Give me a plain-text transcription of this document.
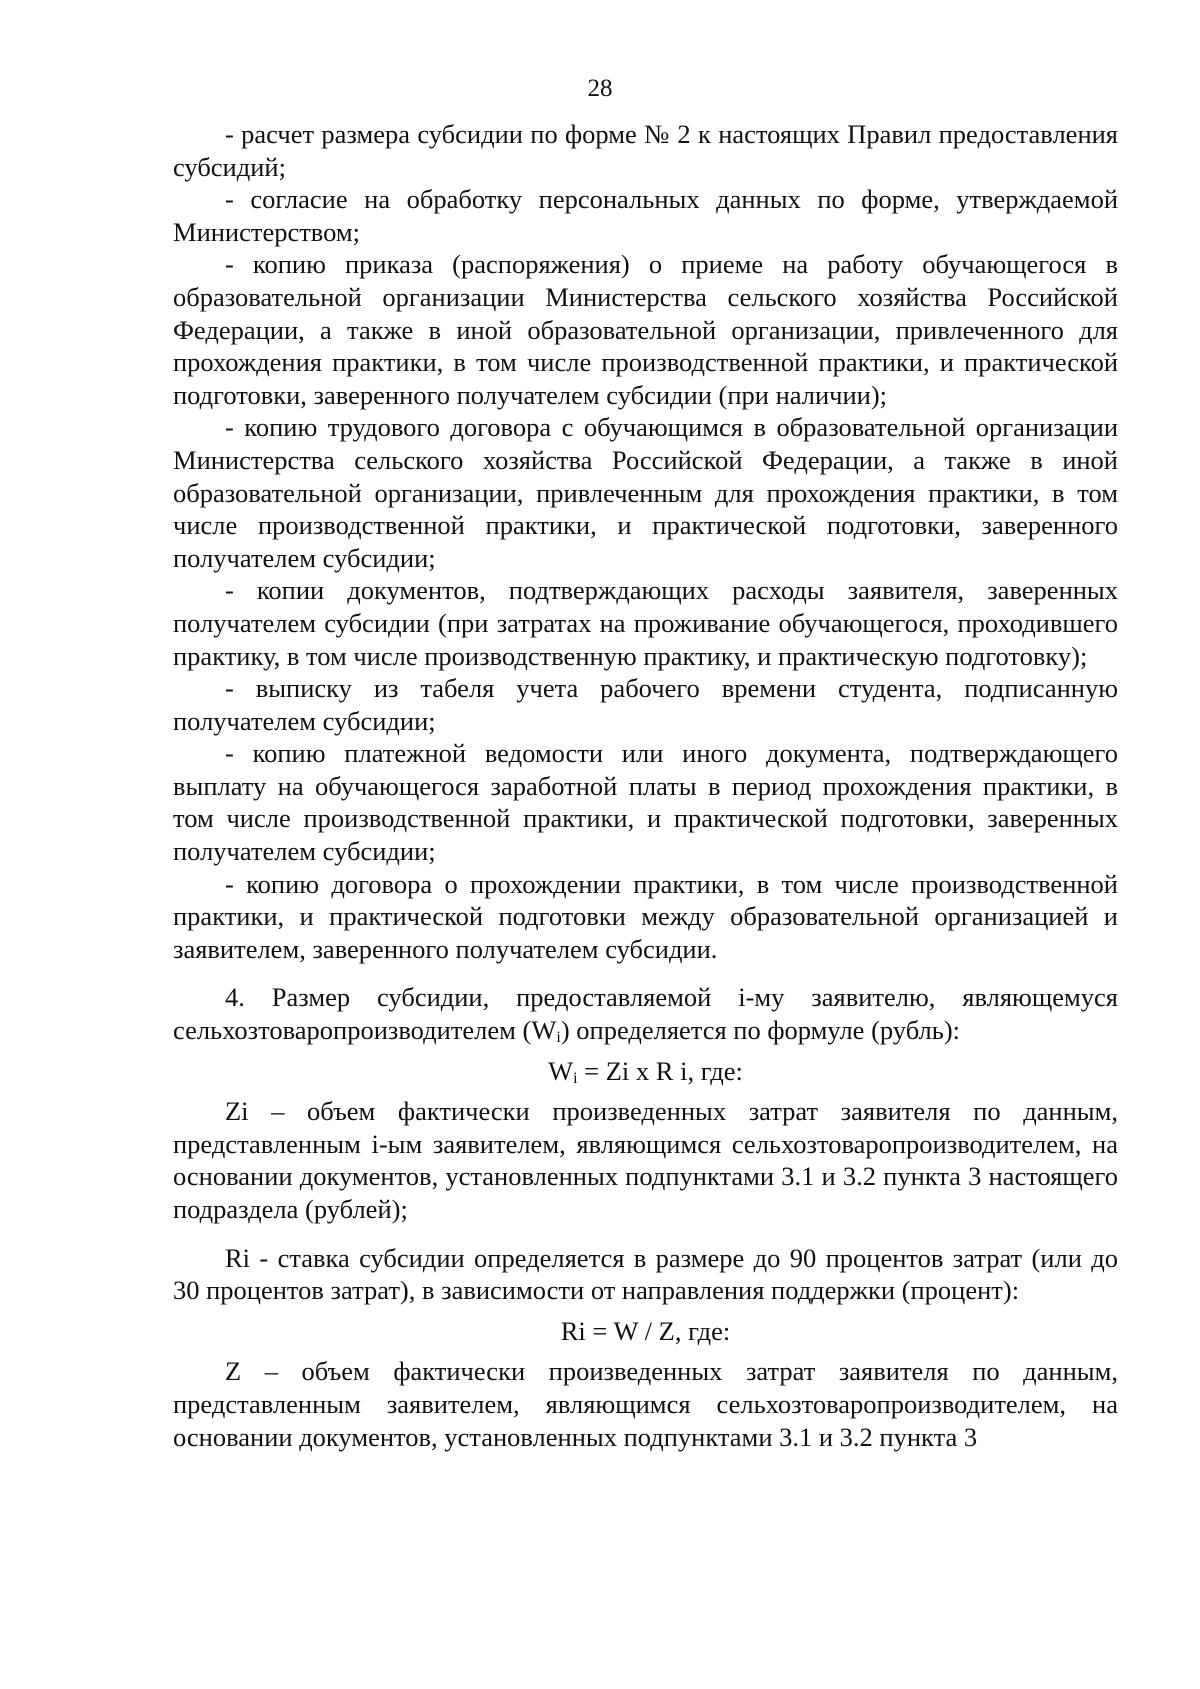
28

- расчет размера субсидии по форме № 2 к настоящих Правил предоставления субсидий;

- согласие на обработку персональных данных по форме, утверждаемой Министерством;

- копию приказа (распоряжения) о приеме на работу обучающегося в образовательной организации Министерства сельского хозяйства Российской Федерации, а также в иной образовательной организации, привлеченного для прохождения практики, в том числе производственной практики, и практической подготовки, заверенного получателем субсидии (при наличии);

- копию трудового договора с обучающимся в образовательной организации Министерства сельского хозяйства Российской Федерации, а также в иной образовательной организации, привлеченным для прохождения практики, в том числе производственной практики, и практической подготовки, заверенного получателем субсидии;

- копии документов, подтверждающих расходы заявителя, заверенных получателем субсидии (при затратах на проживание обучающегося, проходившего практику, в том числе производственную практику, и практическую подготовку);

- выписку из табеля учета рабочего времени студента, подписанную получателем субсидии;

- копию платежной ведомости или иного документа, подтверждающего выплату на обучающегося заработной платы в период прохождения практики, в том числе производственной практики, и практической подготовки, заверенных получателем субсидии;

- копию договора о прохождении практики, в том числе производственной практики, и практической подготовки между образовательной организацией и заявителем, заверенного получателем субсидии.

4. Размер субсидии, предоставляемой i-му заявителю, являющемуся сельхозтоваропроизводителем $(W_i)$ определяется по формуле (рубль):

$W_i = Zi$ x R i, где:

Zi – объем фактически произведенных затрат заявителя по данным, представленным i-ым заявителем, являющимся сельхозтоваропроизводителем, на основании документов, установленных подпунктами 3.1 и 3.2 пункта 3 настоящего подраздела (рублей);

Ri - ставка субсидии определяется в размере до 90 процентов затрат (или до 30 процентов затрат), в зависимости от направления поддержки (процент):

Ri = W / Z, где:

Z – объем фактически произведенных затрат заявителя по данным, представленным заявителем, являющимся сельхозтоваропроизводителем, на основании документов, установленных подпунктами 3.1 и 3.2 пункта 3
